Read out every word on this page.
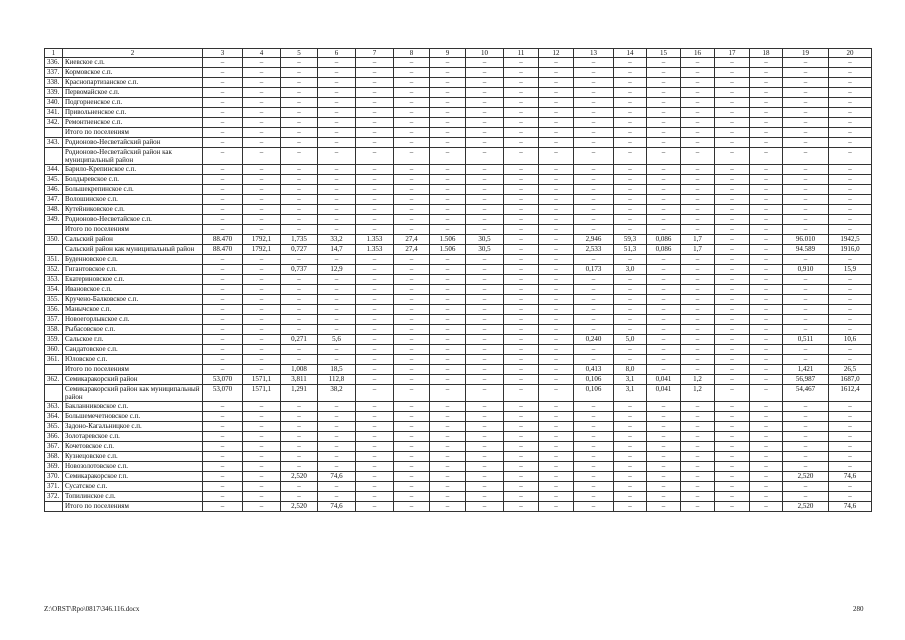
1	2	3	4	5	6	7	8	9	10	11	12	13	14	15	16	17	18	19	20
336.	Киевское с.п.	–	–	–	–	–	–	–	–	–	–	–	–	–	–	–	–	–	–
337.	Кормовское с.п.	–	–	–	–	–	–	–	–	–	–	–	–	–	–	–	–	–	–
338.	Краснопартизанское с.п.	–	–	–	–	–	–	–	–	–	–	–	–	–	–	–	–	–	–
339.	Первомайское с.п.	–	–	–	–	–	–	–	–	–	–	–	–	–	–	–	–	–	–
340.	Подгорненское с.п.	–	–	–	–	–	–	–	–	–	–	–	–	–	–	–	–	–	–
341.	Привольненское с.п.	–	–	–	–	–	–	–	–	–	–	–	–	–	–	–	–	–	–
342.	Ремонтненское с.п.	–	–	–	–	–	–	–	–	–	–	–	–	–	–	–	–	–	–
	Итого по поселениям	–	–	–	–	–	–	–	–	–	–	–	–	–	–	–	–	–	–
343.	Родионово-Несветайский район	–	–	–	–	–	–	–	–	–	–	–	–	–	–	–	–	–	–
	Родионово-Несветайский район как муниципальный район	–	–	–	–	–	–	–	–	–	–	–	–	–	–	–	–	–	–
344.	Барило-Крепинское с.п.	–	–	–	–	–	–	–	–	–	–	–	–	–	–	–	–	–	–
345.	Болдыревское с.п.	–	–	–	–	–	–	–	–	–	–	–	–	–	–	–	–	–	–
346.	Большекрепинское с.п.	–	–	–	–	–	–	–	–	–	–	–	–	–	–	–	–	–	–
347.	Волошинское с.п.	–	–	–	–	–	–	–	–	–	–	–	–	–	–	–	–	–	–
348.	Кутейниковское с.п.	–	–	–	–	–	–	–	–	–	–	–	–	–	–	–	–	–	–
349.	Родионово-Несветайское с.п.	–	–	–	–	–	–	–	–	–	–	–	–	–	–	–	–	–	–
	Итого по поселениям	–	–	–	–	–	–	–	–	–	–	–	–	–	–	–	–	–	–
350.	Сальский район	88.470	1792,1	1,735	33,2	1.353	27,4	1.506	30,5	–	–	2,946	59,3	0,086	1,7	–	–	96.010	1942,5
	Сальский район как муниципальный район	88.470	1792,1	0,727	14,7	1.353	27,4	1.506	30,5	–	–	2,533	51,3	0,086	1,7	–	–	94.589	1916,0
351.	Буденновское с.п.	–	–	–	–	–	–	–	–	–	–	–	–	–	–	–	–	–	–
352.	Гигантовское с.п.	–	–	0,737	12,9	–	–	–	–	–	–	0,173	3,0	–	–	–	–	0,910	15,9
353.	Екатериновское с.п.	–	–	–	–	–	–	–	–	–	–	–	–	–	–	–	–	–	–
354.	Ивановское с.п.	–	–	–	–	–	–	–	–	–	–	–	–	–	–	–	–	–	–
355.	Кручено-Балковское с.п.	–	–	–	–	–	–	–	–	–	–	–	–	–	–	–	–	–	–
356.	Манычское с.п.	–	–	–	–	–	–	–	–	–	–	–	–	–	–	–	–	–	–
357.	Новоегорлыкское с.п.	–	–	–	–	–	–	–	–	–	–	–	–	–	–	–	–	–	–
358.	Рыбасовское с.п.	–	–	–	–	–	–	–	–	–	–	–	–	–	–	–	–	–	–
359.	Сальское г.п.	–	–	0,271	5,6	–	–	–	–	–	–	0,240	5,0	–	–	–	–	0,511	10,6
360.	Сандатовское с.п.	–	–	–	–	–	–	–	–	–	–	–	–	–	–	–	–	–	–
361.	Юловское с.п.	–	–	–	–	–	–	–	–	–	–	–	–	–	–	–	–	–	–
	Итого по поселениям	–	–	1,008	18,5	–	–	–	–	–	–	0,413	8,0	–	–	–	–	1,421	26,5
362.	Семикаракорский район	53,070	1571,1	3,811	112,8	–	–	–	–	–	–	0,106	3,1	0,041	1,2	–	–	56,987	1687,0
	Семикаракорский район как муниципальный район	53,070	1571,1	1,291	38,2	–	–	–	–	–	–	0,106	3,1	0,041	1,2	–	–	54,467	1612,4
363.	Бакланниковское с.п.	–	–	–	–	–	–	–	–	–	–	–	–	–	–	–	–	–	–
364.	Большемечетновское с.п.	–	–	–	–	–	–	–	–	–	–	–	–	–	–	–	–	–	–
365.	Задоно-Кагальницкое с.п.	–	–	–	–	–	–	–	–	–	–	–	–	–	–	–	–	–	–
366.	Золотаревское с.п.	–	–	–	–	–	–	–	–	–	–	–	–	–	–	–	–	–	–
367.	Кочетовское с.п.	–	–	–	–	–	–	–	–	–	–	–	–	–	–	–	–	–	–
368.	Кузнецовское с.п.	–	–	–	–	–	–	–	–	–	–	–	–	–	–	–	–	–	–
369.	Новозолотовское с.п.	–	–	–	–	–	–	–	–	–	–	–	–	–	–	–	–	–	–
370.	Семикаракорское г.п.	–	–	2,520	74,6	–	–	–	–	–	–	–	–	–	–	–	–	2,520	74,6
371.	Сусатское с.п.	–	–	–	–	–	–	–	–	–	–	–	–	–	–	–	–	–	–
372.	Топилинское с.п.	–	–	–	–	–	–	–	–	–	–	–	–	–	–	–	–	–	–
	Итого по поселениям	–	–	2,520	74,6	–	–	–	–	–	–	–	–	–	–	–	–	2,520	74,6
Z:\ORST\Rpo\0817\346.116.docx	280
